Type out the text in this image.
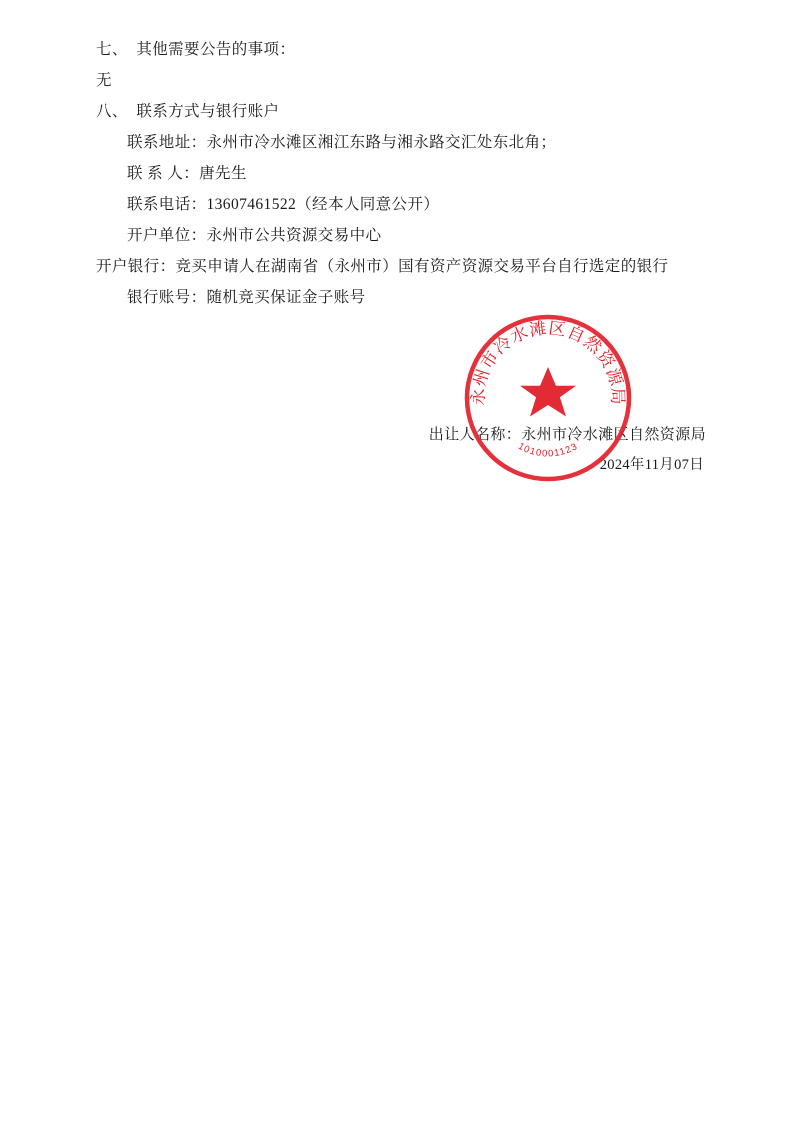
七、  其他需要公告的事项：

无

八、  联系方式与银行账户

联系地址：永州市冷水滩区湘江东路与湘永路交汇处东北角；

联 系 人：唐先生

联系电话：13607461522（经本人同意公开）

开户单位：永州市公共资源交易中心

开户银行：竞买申请人在湖南省（永州市）国有资产资源交易平台自行选定的银行

银行账号：随机竞买保证金子账号

出让人名称：永州市冷水滩区自然资源局
2024年11月07日
永州市冷水滩区自然资源局
1010001123
